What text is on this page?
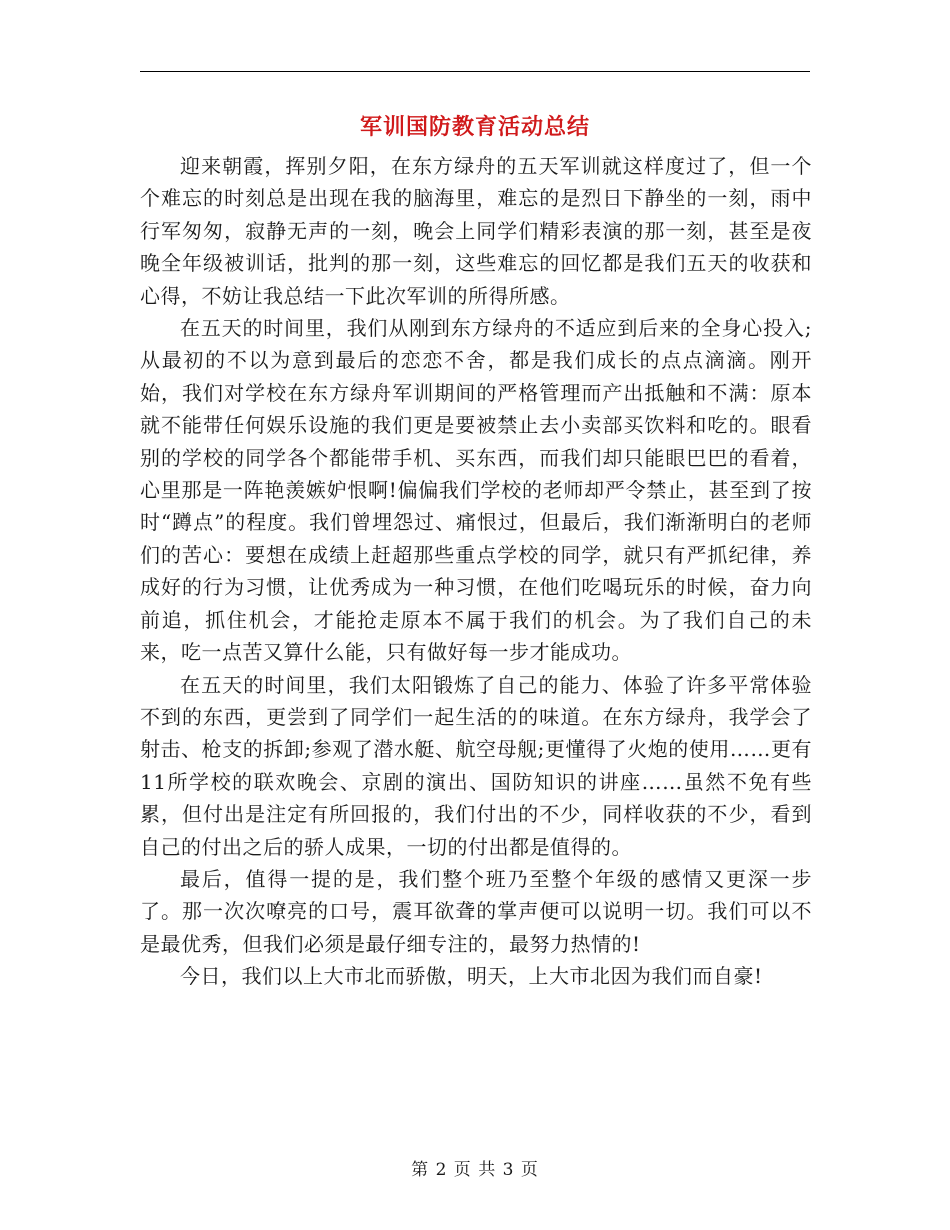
军训国防教育活动总结

迎来朝霞，挥别夕阳，在东方绿舟的五天军训就这样度过了，但一个个难忘的时刻总是出现在我的脑海里，难忘的是烈日下静坐的一刻，雨中行军匆匆，寂静无声的一刻，晚会上同学们精彩表演的那一刻，甚至是夜晚全年级被训话，批判的那一刻，这些难忘的回忆都是我们五天的收获和心得，不妨让我总结一下此次军训的所得所感。

在五天的时间里，我们从刚到东方绿舟的不适应到后来的全身心投入;从最初的不以为意到最后的恋恋不舍，都是我们成长的点点滴滴。刚开始，我们对学校在东方绿舟军训期间的严格管理而产出抵触和不满：原本就不能带任何娱乐设施的我们更是要被禁止去小卖部买饮料和吃的。眼看别的学校的同学各个都能带手机、买东西，而我们却只能眼巴巴的看着，心里那是一阵艳羡嫉妒恨啊!偏偏我们学校的老师却严令禁止，甚至到了按时“蹲点”的程度。我们曾埋怨过、痛恨过，但最后，我们渐渐明白的老师们的苦心：要想在成绩上赶超那些重点学校的同学，就只有严抓纪律，养成好的行为习惯，让优秀成为一种习惯，在他们吃喝玩乐的时候，奋力向前追，抓住机会，才能抢走原本不属于我们的机会。为了我们自己的未来，吃一点苦又算什么能，只有做好每一步才能成功。

在五天的时间里，我们太阳锻炼了自己的能力、体验了许多平常体验不到的东西，更尝到了同学们一起生活的的味道。在东方绿舟，我学会了射击、枪支的拆卸;参观了潜水艇、航空母舰;更懂得了火炮的使用……更有11所学校的联欢晚会、京剧的演出、国防知识的讲座……虽然不免有些累，但付出是注定有所回报的，我们付出的不少，同样收获的不少，看到自己的付出之后的骄人成果，一切的付出都是值得的。

最后，值得一提的是，我们整个班乃至整个年级的感情又更深一步了。那一次次嘹亮的口号，震耳欲聋的掌声便可以说明一切。我们可以不是最优秀，但我们必须是最仔细专注的，最努力热情的!

今日，我们以上大市北而骄傲，明天，上大市北因为我们而自豪!

第 2 页 共 3 页
